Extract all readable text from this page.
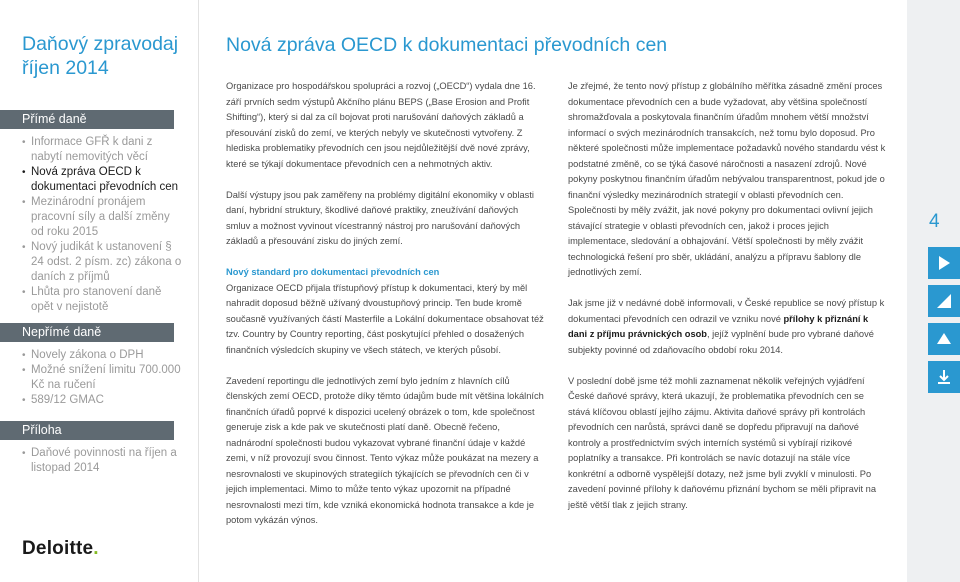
Daňový zpravodaj
říjen 2014
Přímé daně
• Informace GFŘ k dani z nabytí nemovitých věcí
• Nová zpráva OECD k dokumentaci převodních cen
• Mezinárodní pronájem pracovní síly a další změny od roku 2015
• Nový judikát k ustanovení § 24 odst. 2 písm. zc) zákona o daních z příjmů
• Lhůta pro stanovení daně opět v nejistotě
Nepřímé daně
• Novely zákona o DPH
• Možné snížení limitu 700.000 Kč na ručení
• 589/12 GMAC
Příloha
• Daňové povinnosti na říjen a listopad 2014
Deloitte.
Nová zpráva OECD k dokumentaci převodních cen

Organizace pro hospodářskou spolupráci a rozvoj („OECD“) vydala dne 16. září prvních sedm výstupů Akčního plánu BEPS („Base Erosion and Profit Shifting“), který si dal za cíl bojovat proti narušování daňových základů a přesouvání zisků do zemí, ve kterých nebyly ve skutečnosti vytvořeny. Z hlediska problematiky převodních cen jsou nejdůležitější dvě nové zprávy, které se týkají dokumentace převodních cen a nehmotných aktiv.

Další výstupy jsou pak zaměřeny na problémy digitální ekonomiky v oblasti daní, hybridní struktury, škodlivé daňové praktiky, zneužívání daňových smluv a možnost vyvinout vícestranný nástroj pro narušování daňových základů a přesouvání zisku do jiných zemí.

Nový standard pro dokumentaci převodních cen

Organizace OECD přijala třístupňový přístup k dokumentaci, který by měl nahradit doposud běžně užívaný dvoustupňový princip. Ten bude kromě současně využívaných částí Masterfile a Lokální dokumentace obsahovat též tzv. Country by Country reporting, část poskytující přehled o dosažených finančních výsledcích skupiny ve všech státech, ve kterých působí.

Zavedení reportingu dle jednotlivých zemí bylo jedním z hlavních cílů členských zemí OECD, protože díky těmto údajům bude mít většina lokálních finančních úřadů poprvé k dispozici ucelený obrázek o tom, kde společnost generuje zisk a kde pak ve skutečnosti platí daně. Obecně řečeno, nadnárodní společnosti budou vykazovat vybrané finanční údaje v každé zemi, v níž provozují svou činnost. Tento výkaz může poukázat na mezery a nesrovnalosti ve skupinových strategiích týkajících se převodních cen či v jejich implementaci. Mimo to může tento výkaz upozornit na případné nesrovnalosti mezi tím, kde vzniká ekonomická hodnota transakce a kde je potom vykázán výnos.

Je zřejmé, že tento nový přístup z globálního měřítka zásadně změní proces dokumentace převodních cen a bude vyžadovat, aby většina společností shromažďovala a poskytovala finančním úřadům mnohem větší množství informací o svých mezinárodních transakcích, než tomu bylo doposud. Pro některé společnosti může implementace požadavků nového standardu vést k podstatné změně, co se týká časové náročnosti a nasazení zdrojů. Nové pokyny poskytnou finančním úřadům nebývalou transparentnost, pokud jde o finanční výsledky mezinárodních strategií v oblasti převodních cen. Společnosti by měly zvážit, jak nové pokyny pro dokumentaci ovlivní jejich stávající strategie v oblasti převodních cen, jakož i proces jejich implementace, sledování a obhajování. Větší společnosti by měly zvážit technologická řešení pro sběr, ukládání, analýzu a přípravu šablony dle jednotlivých zemí.

Jak jsme již v nedávné době informovali, v České republice se nový přístup k dokumentaci převodních cen odrazil ve vzniku nové přílohy k přiznání k dani z příjmu právnických osob, jejíž vyplnění bude pro vybrané daňové subjekty povinné od zdaňovacího období roku 2014.

V poslední době jsme též mohli zaznamenat několik veřejných vyjádření České daňové správy, která ukazují, že problematika převodních cen se stává klíčovou oblastí jejího zájmu. Aktivita daňové správy při kontrolách převodních cen narůstá, správci daně se dopředu připravují na daňové kontroly a prostřednictvím svých interních systémů si vybírají rizikové poplatníky a transakce. Při kontrolách se navíc dotazují na stále více konkrétní a odborně vyspělejší dotazy, než jsme byli zvyklí v minulosti. Po zavedení povinné přílohy k daňovému přiznání bychom se měli připravit na ještě větší tlak z jejich strany.

4
